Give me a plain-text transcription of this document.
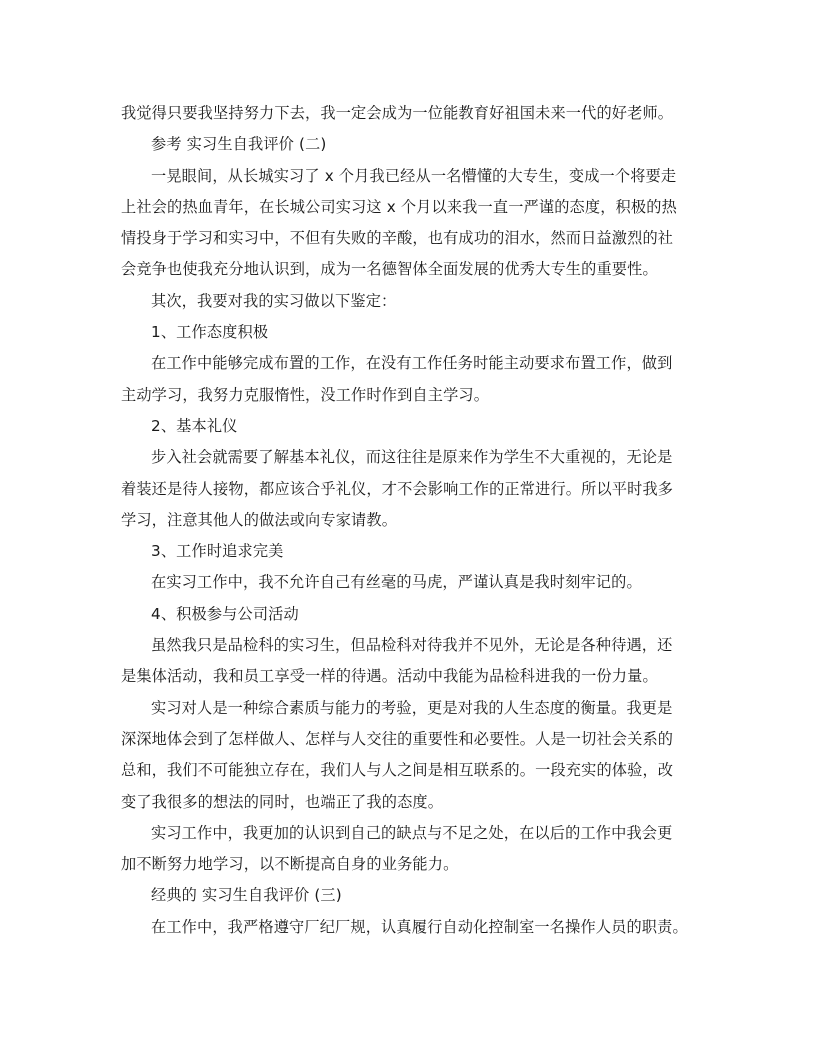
我觉得只要我坚持努力下去，我一定会成为一位能教育好祖国未来一代的好老师。
参考 实习生自我评价 (二)
一晃眼间，从长城实习了 x 个月我已经从一名懵懂的大专生，变成一个将要走
上社会的热血青年，在长城公司实习这 x 个月以来我一直一严谨的态度，积极的热
情投身于学习和实习中，不但有失败的辛酸，也有成功的泪水，然而日益激烈的社
会竞争也使我充分地认识到，成为一名德智体全面发展的优秀大专生的重要性。
其次，我要对我的实习做以下鉴定：
1、工作态度积极
在工作中能够完成布置的工作，在没有工作任务时能主动要求布置工作，做到
主动学习，我努力克服惰性，没工作时作到自主学习。
2、基本礼仪
步入社会就需要了解基本礼仪，而这往往是原来作为学生不大重视的，无论是
着装还是待人接物，都应该合乎礼仪，才不会影响工作的正常进行。所以平时我多
学习，注意其他人的做法或向专家请教。
3、工作时追求完美
在实习工作中，我不允许自己有丝毫的马虎，严谨认真是我时刻牢记的。
4、积极参与公司活动
虽然我只是品检科的实习生，但品检科对待我并不见外，无论是各种待遇，还
是集体活动，我和员工享受一样的待遇。活动中我能为品检科进我的一份力量。
实习对人是一种综合素质与能力的考验，更是对我的人生态度的衡量。我更是
深深地体会到了怎样做人、怎样与人交往的重要性和必要性。人是一切社会关系的
总和，我们不可能独立存在，我们人与人之间是相互联系的。一段充实的体验，改
变了我很多的想法的同时，也端正了我的态度。
实习工作中，我更加的认识到自己的缺点与不足之处，在以后的工作中我会更
加不断努力地学习，以不断提高自身的业务能力。
经典的 实习生自我评价 (三)
在工作中，我严格遵守厂纪厂规，认真履行自动化控制室一名操作人员的职责。
